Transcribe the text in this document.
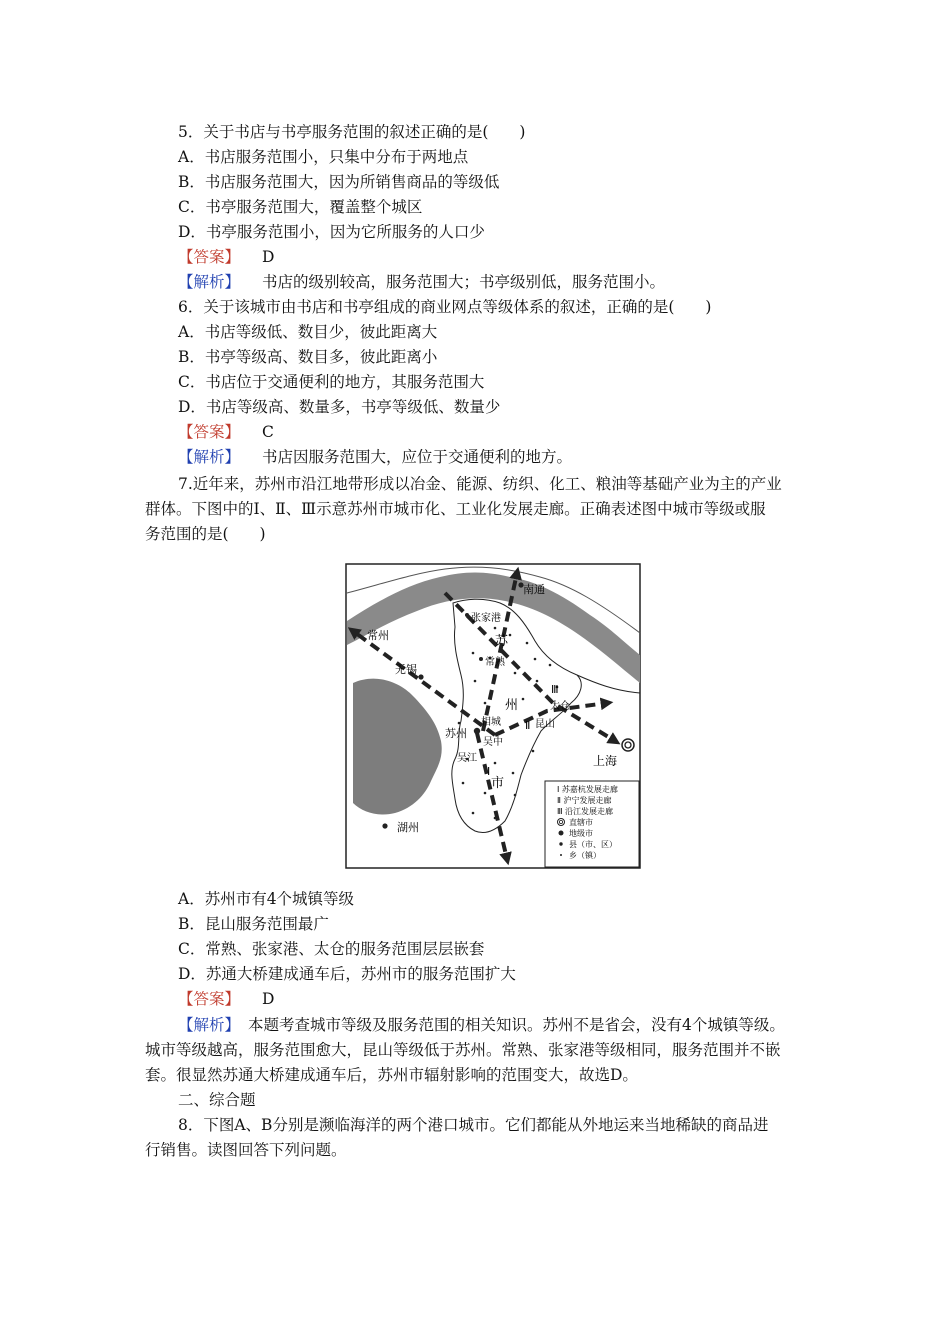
5．关于书店与书亭服务范围的叙述正确的是(　　)
A．书店服务范围小，只集中分布于两地点
B．书店服务范围大，因为所销售商品的等级低
C．书亭服务范围大，覆盖整个城区
D．书亭服务范围小，因为它所服务的人口少
【答案】 D
【解析】 书店的级别较高，服务范围大；书亭级别低，服务范围小。
6．关于该城市由书店和书亭组成的商业网点等级体系的叙述，正确的是(　　)
A．书店等级低、数目少，彼此距离大
B．书亭等级高、数目多，彼此距离小
C．书店位于交通便利的地方，其服务范围大
D．书店等级高、数量多，书亭等级低、数量少
【答案】 C
【解析】 书店因服务范围大，应位于交通便利的地方。
7.近年来，苏州市沿江地带形成以冶金、能源、纺织、化工、粮油等基础产业为主的产业
群体。下图中的Ⅰ、Ⅱ、Ⅲ示意苏州市城市化、工业化发展走廊。正确表述图中城市等级或服
务范围的是(　　)
南通
张家港
苏
常州
常熟
无锡
州	太仓
相城
苏州
吴中
昆山
上海
吴江
市
湖州
Ⅰ
Ⅱ
Ⅲ
Ⅰ 苏嘉杭发展走廊
Ⅱ 沪宁发展走廊
Ⅲ 沿江发展走廊
直辖市
地级市
县（市、区）
乡（镇）
A．苏州市有4个城镇等级
B．昆山服务范围最广
C．常熟、张家港、太仓的服务范围层层嵌套
D．苏通大桥建成通车后，苏州市的服务范围扩大
【答案】 D
【解析】 本题考查城市等级及服务范围的相关知识。苏州不是省会，没有4个城镇等级。
城市等级越高，服务范围愈大，昆山等级低于苏州。常熟、张家港等级相同，服务范围并不嵌
套。很显然苏通大桥建成通车后，苏州市辐射影响的范围变大，故选D。
二、综合题
8．下图A、B分别是濒临海洋的两个港口城市。它们都能从外地运来当地稀缺的商品进
行销售。读图回答下列问题。
